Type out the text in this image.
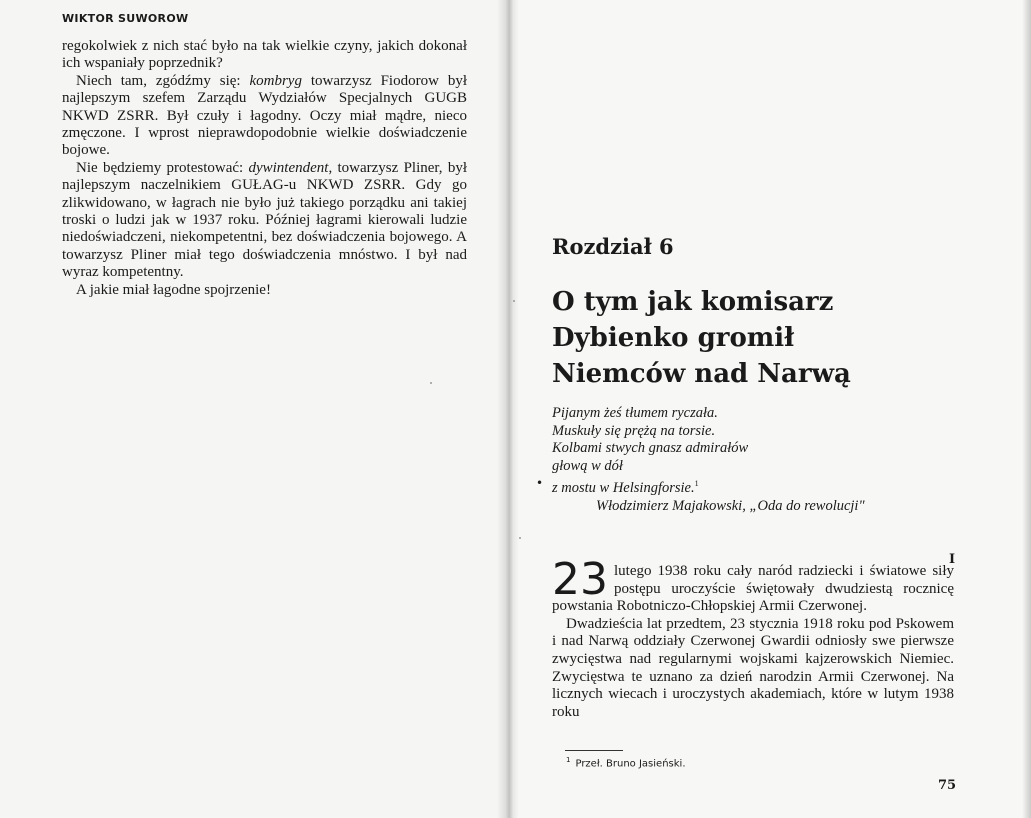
WIKTOR SUWOROW

regokolwiek z nich stać było na tak wielkie czyny, jakich dokonał ich wspaniały poprzednik?

Niech tam, zgódźmy się: kombryg towarzysz Fiodorow był najlepszym szefem Zarządu Wydziałów Specjalnych GUGB NKWD ZSRR. Był czuły i łagodny. Oczy miał mądre, nieco zmęczone. I wprost nieprawdopodobnie wielkie doświadczenie bojowe.

Nie będziemy protestować: dywintendent, towarzysz Pliner, był najlepszym naczelnikiem GUŁAG-u NKWD ZSRR. Gdy go zlikwidowano, w łagrach nie było już takiego porządku ani takiej troski o ludzi jak w 1937 roku. Później łagrami kierowali ludzie niedoświadczeni, niekompetentni, bez doświadczenia bojowego. A towarzysz Pliner miał tego doświadczenia mnóstwo. I był nad wyraz kompetentny.

A jakie miał łagodne spojrzenie!

Rozdział 6
O tym jak komisarz
Dybienko gromił
Niemców nad Narwą
•
Pijanym żeś tłumem ryczała.
Muskuły się prężą na torsie.
Kolbami stwych gnasz admirałów
głową w dół
z mostu w Helsingforsie.$^1$
Włodzimierz Majakowski, „Oda do rewolucji"
I

23 lutego 1938 roku cały naród radziecki i światowe siły postępu uroczyście świętowały dwudziestą rocznicę powstania Robotniczo-Chłopskiej Armii Czerwonej.

Dwadzieścia lat przedtem, 23 stycznia 1918 roku pod Pskowem i nad Narwą oddziały Czerwonej Gwardii odniosły swe pierwsze zwycięstwa nad regularnymi wojskami kajzerowskich Niemiec. Zwycięstwa te uznano za dzień narodzin Armii Czerwonej. Na licznych wiecach i uroczystych akademiach, które w lutym 1938 roku

$^1$ Przeł. Bruno Jasieński.
75
